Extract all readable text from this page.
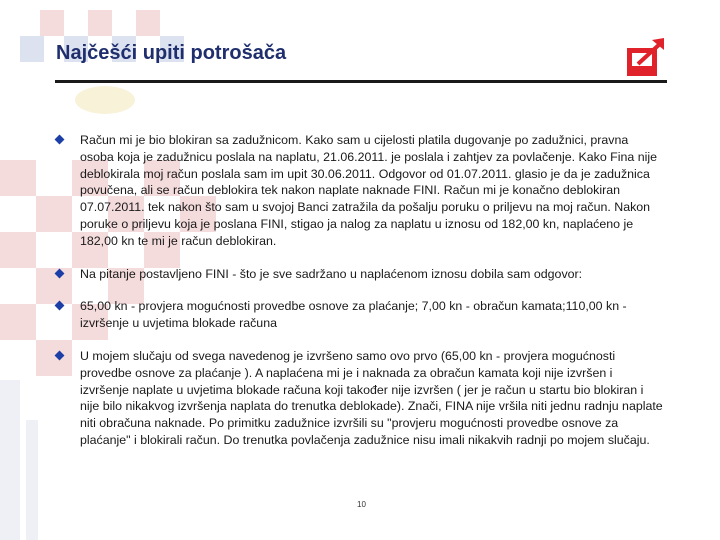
Najčešći upiti potrošača
Račun mi je bio blokiran sa zadužnicom. Kako sam u cijelosti platila dugovanje po zadužnici, pravna osoba koja je zadužnicu poslala na naplatu, 21.06.2011. je poslala i zahtjev za povlačenje. Kako Fina nije deblokirala moj račun poslala sam im upit 30.06.2011. Odgovor od 01.07.2011. glasio je da je zadužnica povučena, ali se račun deblokira tek nakon naplate naknade FINI. Račun mi je konačno deblokiran 07.07.2011. tek nakon što sam u svojoj Banci zatražila da pošalju poruku o priljevu na moj račun. Nakon poruke o priljevu koja je poslana FINI, stigao ja nalog za naplatu u iznosu od 182,00 kn, naplaćeno je 182,00 kn te mi je račun deblokiran.
Na pitanje postavljeno FINI - što je sve sadržano u naplaćenom iznosu dobila sam odgovor:
65,00 kn - provjera mogućnosti provedbe osnove za plaćanje; 7,00 kn - obračun kamata;110,00 kn - izvršenje u uvjetima blokade računa
U mojem slučaju od svega navedenog je izvršeno samo ovo prvo (65,00 kn - provjera mogućnosti provedbe osnove za plaćanje ). A naplaćena mi je i naknada za obračun kamata koji nije izvršen i izvršenje naplate u uvjetima blokade računa koji također nije izvršen ( jer je račun u startu bio blokiran i nije bilo nikakvog izvršenja naplata do trenutka deblokade). Znači, FINA nije vršila niti jednu radnju naplate niti obračuna naknade. Po primitku zadužnice izvršili su "provjeru mogućnosti provedbe osnove za plaćanje" i blokirali račun. Do trenutka povlačenja zadužnice nisu imali nikakvih radnji po mojem slučaju.
10
